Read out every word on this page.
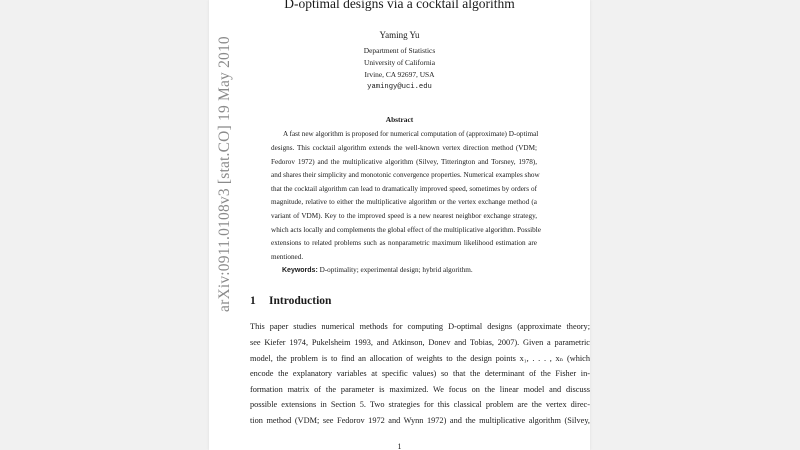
D-optimal designs via a cocktail algorithm
Yaming Yu
Department of Statistics
University of California
Irvine, CA 92697, USA
yamingy@uci.edu
Abstract
A fast new algorithm is proposed for numerical computation of (approximate) D-optimal
designs. This cocktail algorithm extends the well-known vertex direction method (VDM;
Fedorov 1972) and the multiplicative algorithm (Silvey, Titterington and Torsney, 1978),
and shares their simplicity and monotonic convergence properties. Numerical examples show
that the cocktail algorithm can lead to dramatically improved speed, sometimes by orders of
magnitude, relative to either the multiplicative algorithm or the vertex exchange method (a
variant of VDM). Key to the improved speed is a new nearest neighbor exchange strategy,
which acts locally and complements the global effect of the multiplicative algorithm. Possible
extensions to related problems such as nonparametric maximum likelihood estimation are
mentioned.
Keywords: D-optimality; experimental design; hybrid algorithm.
1 Introduction
This paper studies numerical methods for computing D-optimal designs (approximate theory;
see Kiefer 1974, Pukelsheim 1993, and Atkinson, Donev and Tobias, 2007). Given a parametric
model, the problem is to find an allocation of weights to the design points x₁, . . . , xₙ (which
encode the explanatory variables at specific values) so that the determinant of the Fisher in-
formation matrix of the parameter is maximized. We focus on the linear model and discuss
possible extensions in Section 5. Two strategies for this classical problem are the vertex direc-
tion method (VDM; see Fedorov 1972 and Wynn 1972) and the multiplicative algorithm (Silvey,
1
arXiv:0911.0108v3 [stat.CO] 19 May 2010
